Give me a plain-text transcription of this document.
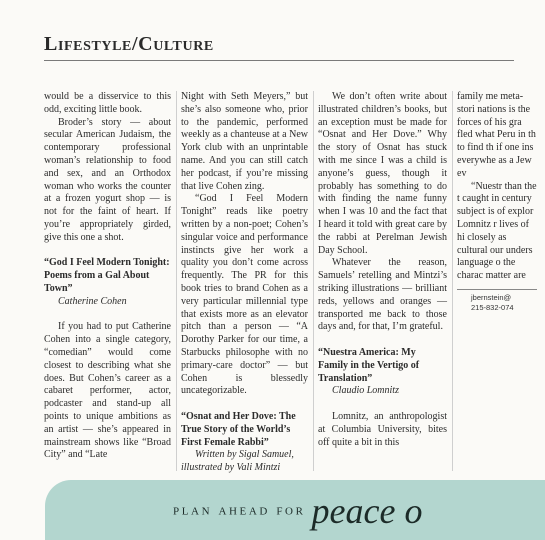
Lifestyle/Culture

would be a disservice to this odd, exciting little book.

Broder’s story — about secular American Judaism, the contemporary professional woman’s relationship to food and sex, and an Orthodox woman who works the counter at a frozen yogurt shop — is not for the faint of heart. If you’re appropriately girded, give this one a shot.

“God I Feel Modern Tonight: Poems from a Gal About Town”

Catherine Cohen

If you had to put Catherine Cohen into a single category, “comedian” would come closest to describing what she does. But Cohen’s career as a cabaret performer, actor, podcaster and stand-up all points to unique ambitions as an artist — she’s appeared in mainstream shows like “Broad City” and “Late

Night with Seth Meyers,” but she’s also someone who, prior to the pandemic, performed weekly as a chanteuse at a New York club with an unprintable name. And you can still catch her podcast, if you’re missing that live Cohen zing.

“God I Feel Modern Tonight” reads like poetry written by a non-poet; Cohen’s singular voice and performance instincts give her work a quality you don’t come across frequently. The PR for this book tries to brand Cohen as a very particular millennial type that exists more as an elevator pitch than a person — “A Dorothy Parker for our time, a Starbucks philosophe with no primary-care doctor” — but Cohen is blessedly uncategorizable.

“Osnat and Her Dove: The True Story of the World’s First Female Rabbi”

Written by Sigal Samuel, illustrated by Vali Mintzi

We don’t often write about illustrated children’s books, but an exception must be made for “Osnat and Her Dove.” Why the story of Osnat has stuck with me since I was a child is anyone’s guess, though it probably has something to do with finding the name funny when I was 10 and the fact that I heard it told with great care by the rabbi at Perelman Jewish Day School.

Whatever the reason, Samuels’ retelling and Mintzi’s striking illustrations — brilliant reds, yellows and oranges — transported me back to those days and, for that, I’m grateful.

“Nuestra America: My Family in the Vertigo of Translation”

Claudio Lomnitz

Lomnitz, an anthropologist at Columbia University, bites off quite a bit in this

family me meta-stori nations is the forces of his gra fled what Peru in th to find th if one ins everywhe as a Jew ev

“Nuestr than the t caught in century subject is of explor Lomnitz r lives of hi closely as cultural our unders language o the charac matter are

jbernstein@

215-832-074

plan ahead for peace o
